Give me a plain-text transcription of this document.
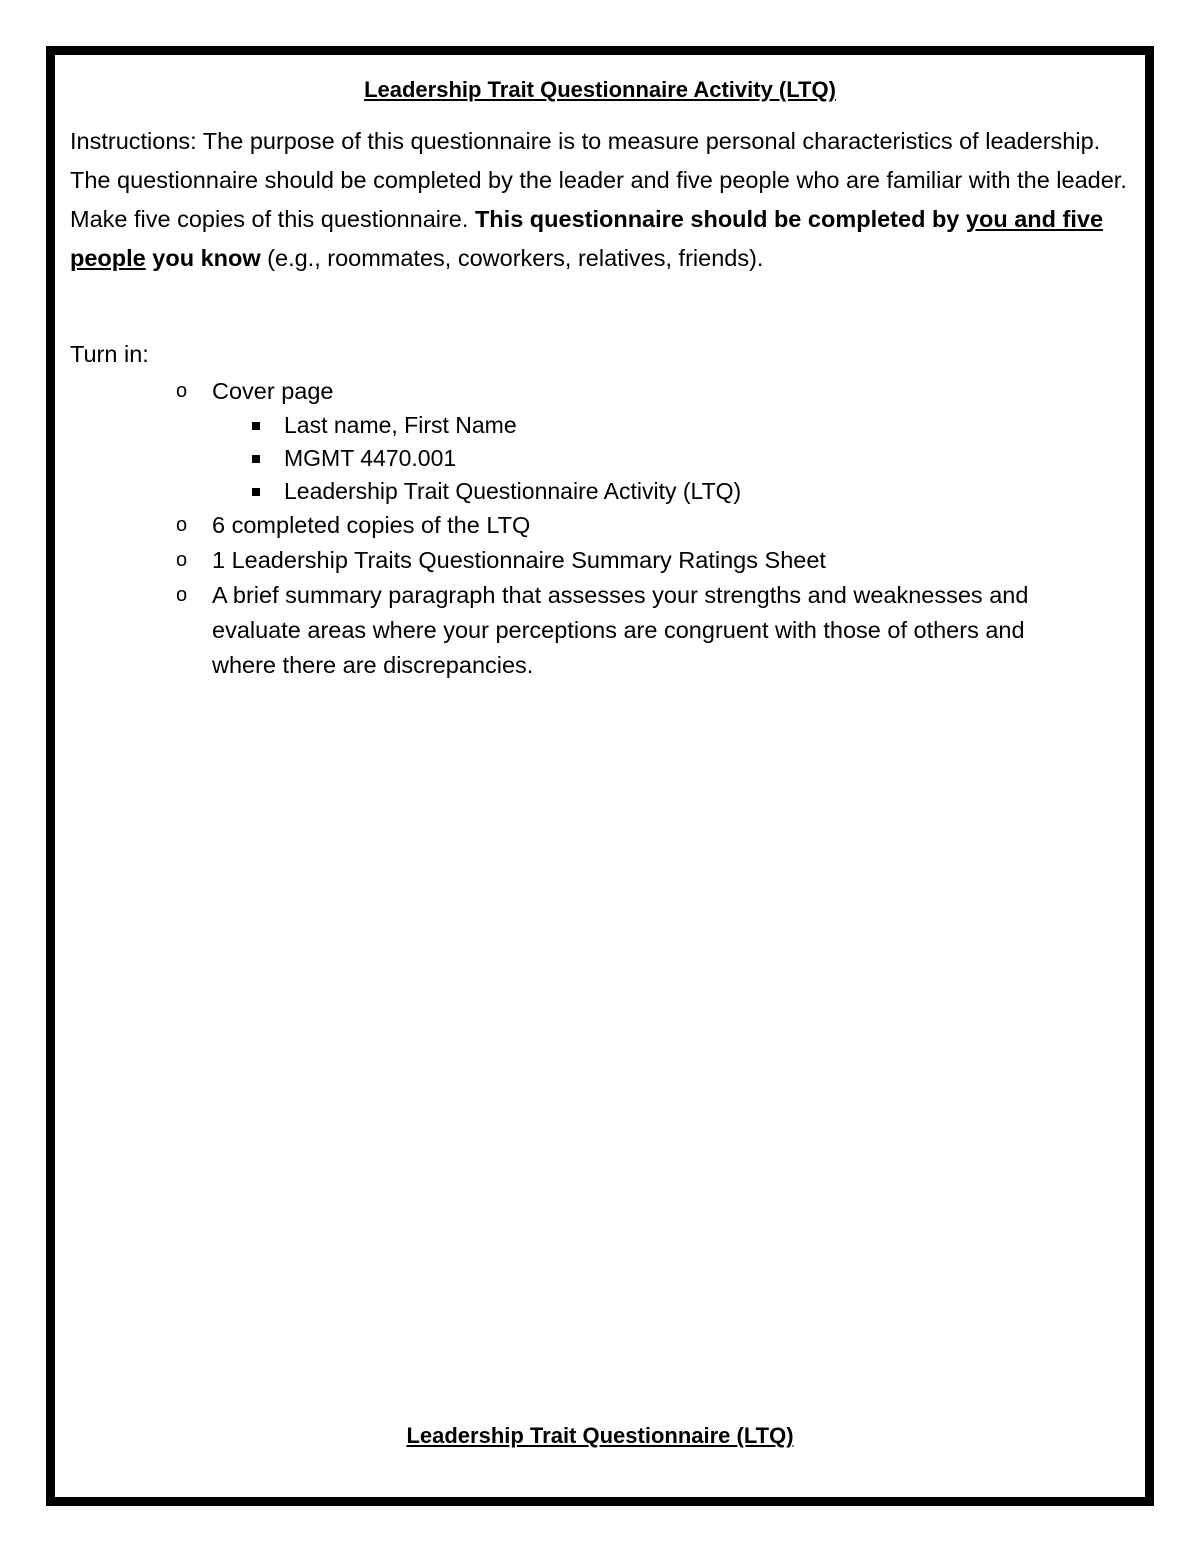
Leadership Trait Questionnaire Activity (LTQ)

Instructions: The purpose of this questionnaire is to measure personal characteristics of leadership. The questionnaire should be completed by the leader and five people who are familiar with the leader. Make five copies of this questionnaire. This questionnaire should be completed by you and five people you know (e.g., roommates, coworkers, relatives, friends).

Turn in:

o Cover page
Last name, First Name
MGMT 4470.001
Leadership Trait Questionnaire Activity (LTQ)
o 6 completed copies of the LTQ
o 1 Leadership Traits Questionnaire Summary Ratings Sheet
o A brief summary paragraph that assesses your strengths and weaknesses and evaluate areas where your perceptions are congruent with those of others and where there are discrepancies.

Leadership Trait Questionnaire (LTQ)
